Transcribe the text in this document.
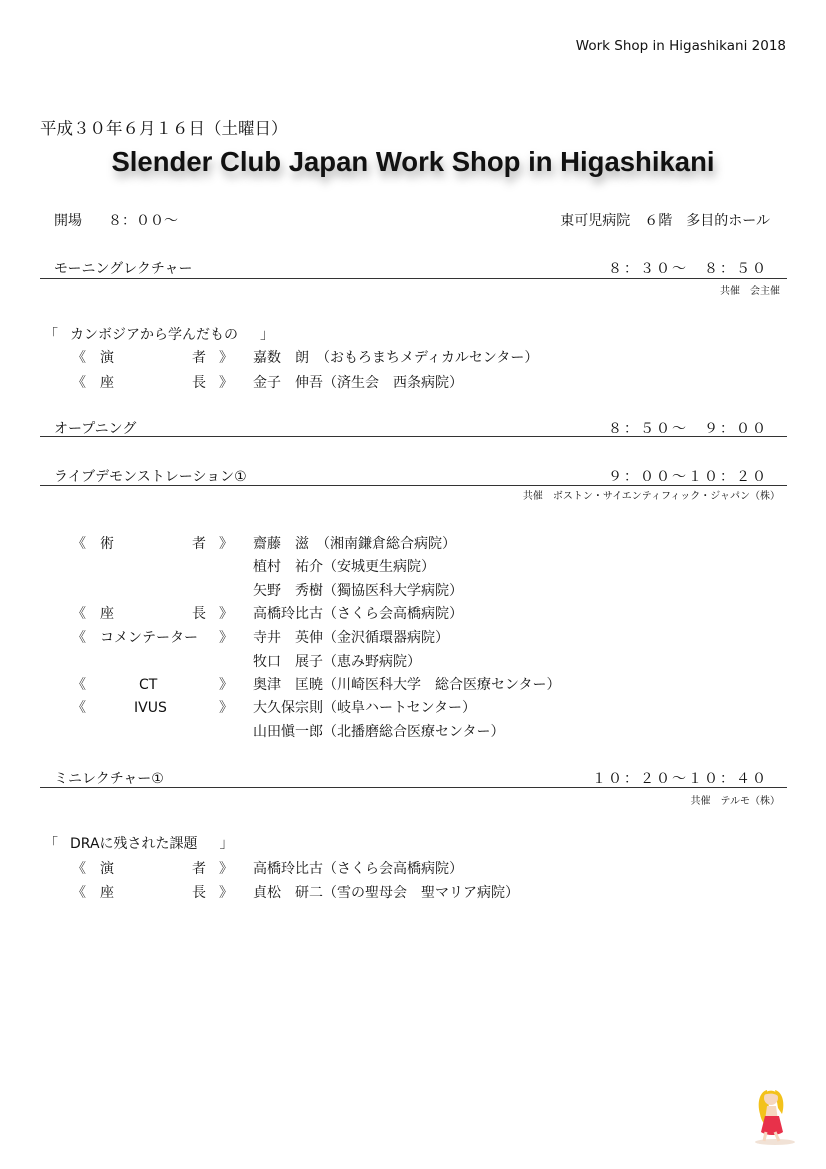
Work Shop in Higashikani 2018
平成３０年６月１６日（土曜日）
Slender Club Japan Work Shop in Higashikani
開場 ８：００～	東可児病院　６階　多目的ホール
モーニングレクチャー	８：３０～　８：５０
共催　会主催
「 カンボジアから学んだもの 」
《 演	者 》 嘉数　朗　（おもろまちメディカルセンター）
《 座	長 》 金子　伸吾（済生会　西条病院）
オープニング	８：５０～　９：００
ライブデモンストレーション①	９：００～１０：２０
共催　ボストン・サイエンティフィック・ジャパン（株）
《 術	者 》 齋藤　滋　（湘南鎌倉総合病院）
植村　祐介（安城更生病院）
矢野　秀樹（獨協医科大学病院）
《 座	長 》 高橋玲比古（さくら会高橋病院）
《 コメンテーター 》 寺井　英伸（金沢循環器病院）
牧口　展子（恵み野病院）
《	CT	》 奥津　匡暁（川崎医科大学　総合医療センター）
《	IVUS	》 大久保宗則（岐阜ハートセンター）
山田愼一郎（北播磨総合医療センター）
ミニレクチャー①	１０：２０～１０：４０
共催　テルモ（株）
「 DRAに残された課題 」
《 演	者 》 高橋玲比古（さくら会高橋病院）
《 座	長 》 貞松　研二（雪の聖母会　聖マリア病院）
